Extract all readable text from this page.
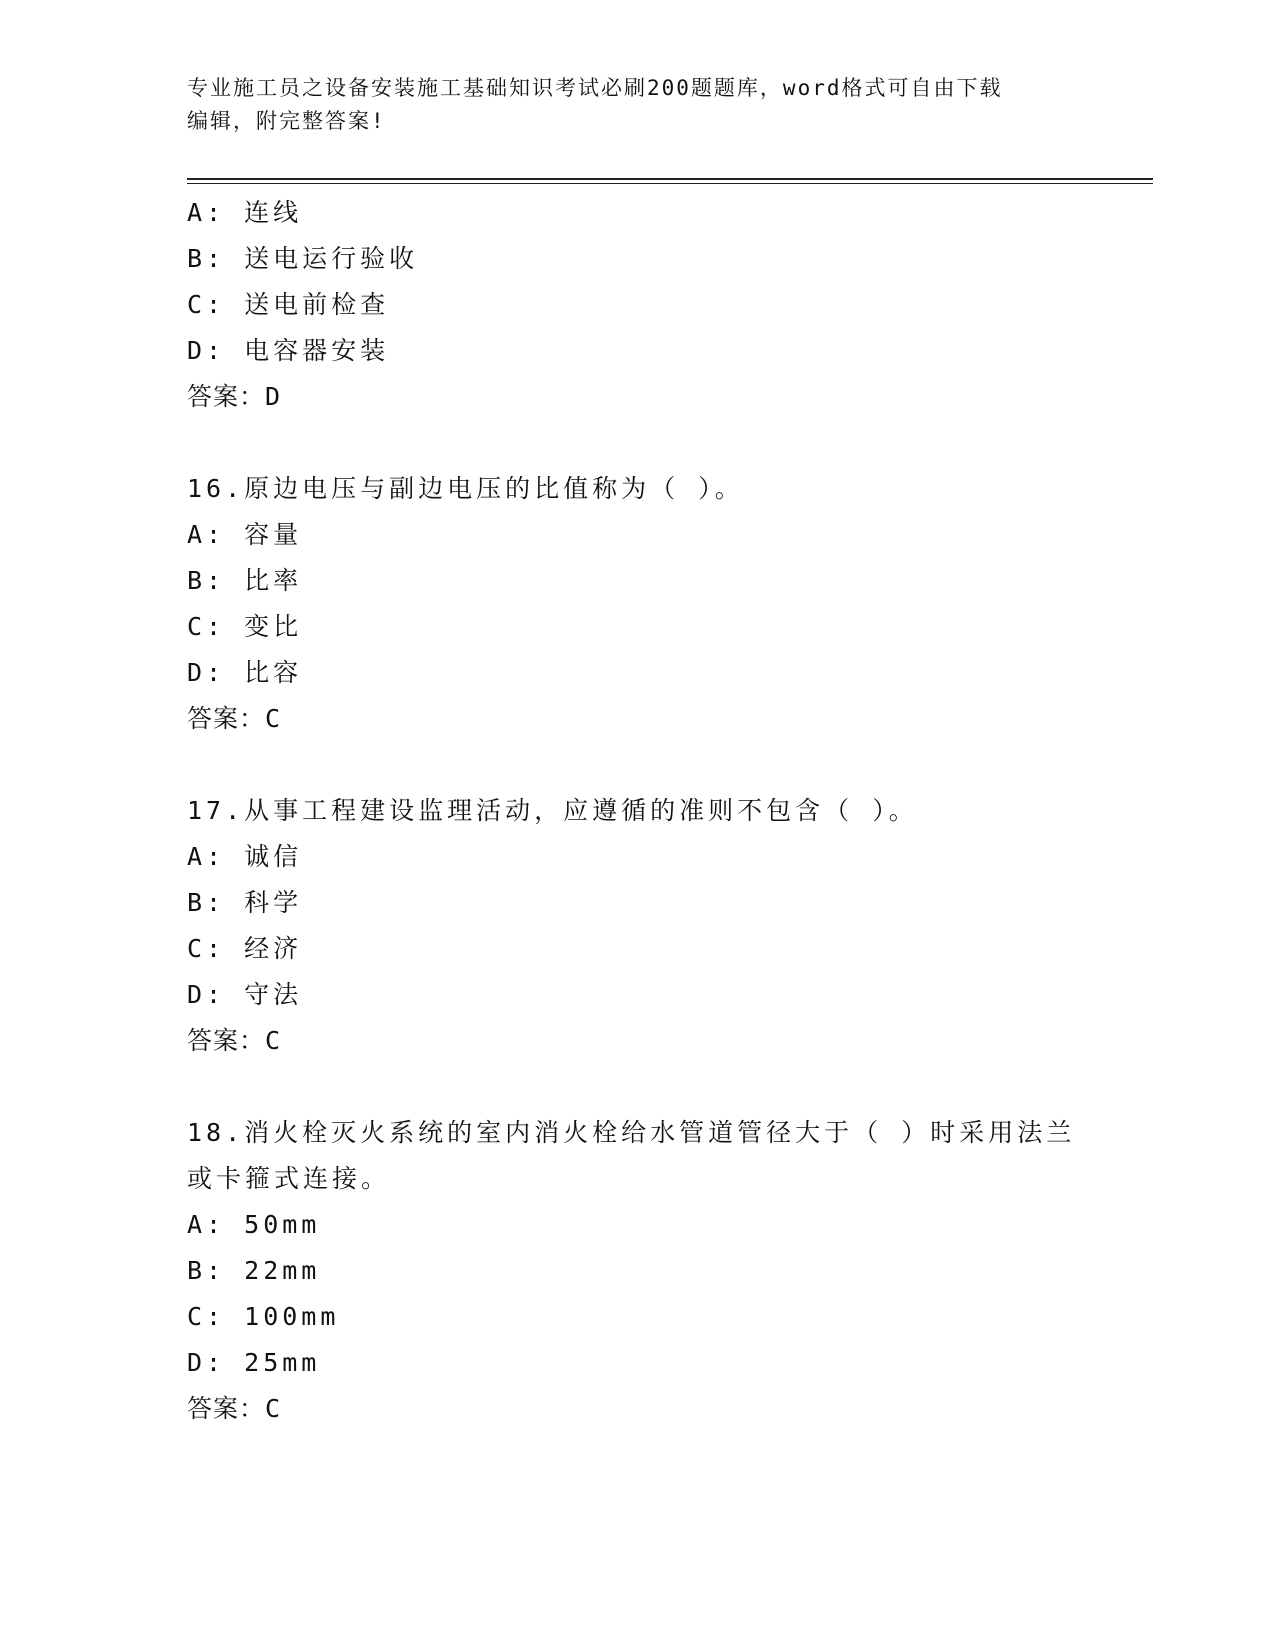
专业施工员之设备安装施工基础知识考试必刷200题题库，word格式可自由下载
编辑，附完整答案!
A: 连线
B: 送电运行验收
C: 送电前检查
D: 电容器安装
答案：D
16.原边电压与副边电压的比值称为（ ）。
A: 容量
B: 比率
C: 变比
D: 比容
答案：C
17.从事工程建设监理活动，应遵循的准则不包含（ ）。
A: 诚信
B: 科学
C: 经济
D: 守法
答案：C
18.消火栓灭火系统的室内消火栓给水管道管径大于（ ）时采用法兰
或卡箍式连接。
A: 50mm
B: 22mm
C: 100mm
D: 25mm
答案：C
